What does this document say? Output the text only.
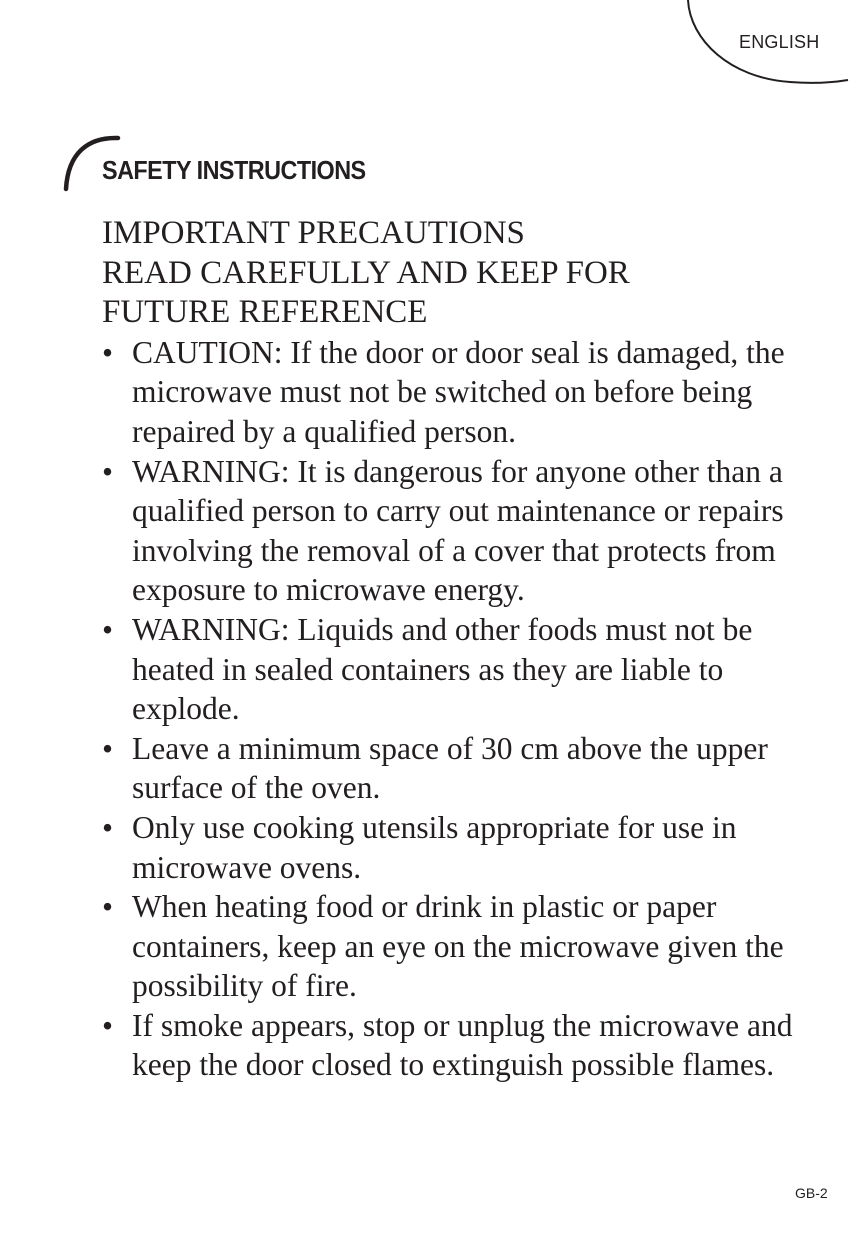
ENGLISH
SAFETY INSTRUCTIONS
IMPORTANT PRECAUTIONS
READ CAREFULLY AND KEEP FOR
FUTURE REFERENCE
• CAUTION: If the door or door seal is damaged, the microwave must not be switched on before being repaired by a qualified person.
• WARNING: It is dangerous for anyone other than a qualified person to carry out maintenance or repairs involving the removal of a cover that protects from exposure to microwave energy.
• WARNING: Liquids and other foods must not be heated in sealed containers as they are liable to explode.
• Leave a minimum space of 30 cm above the upper surface of the oven.
• Only use cooking utensils appropriate for use in microwave ovens.
• When heating food or drink in plastic or paper containers, keep an eye on the microwave given the possibility of fire.
• If smoke appears, stop or unplug the microwave and keep the door closed to extinguish possible flames.
GB-2
